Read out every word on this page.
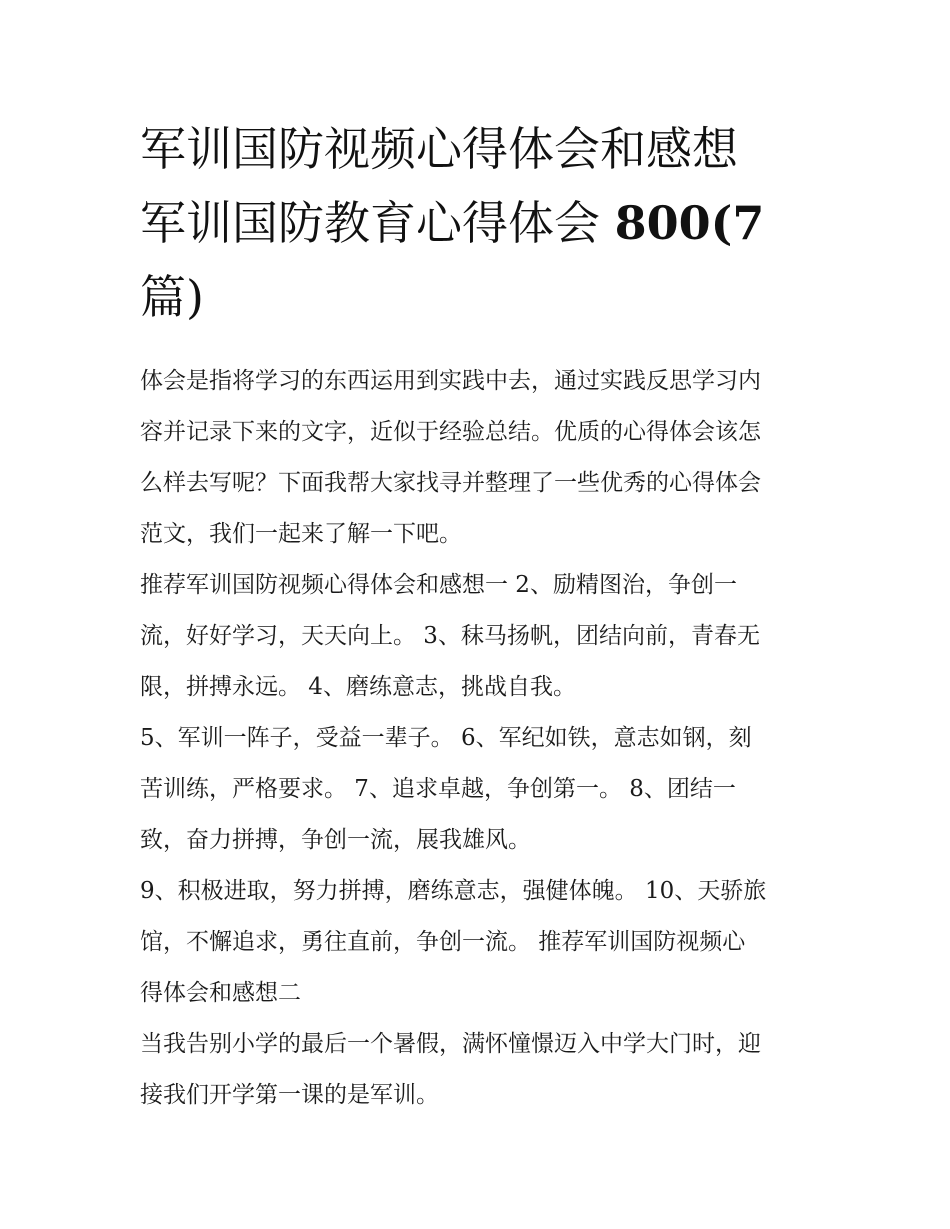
军训国防视频心得体会和感想
军训国防教育心得体会 800(7
篇)

体会是指将学习的东西运用到实践中去，通过实践反思学习内
容并记录下来的文字，近似于经验总结。优质的心得体会该怎
么样去写呢？下面我帮大家找寻并整理了一些优秀的心得体会
范文，我们一起来了解一下吧。

推荐军训国防视频心得体会和感想一 2、励精图治，争创一
流，好好学习，天天向上。 3、秣马扬帆，团结向前，青春无
限，拼搏永远。 4、磨练意志，挑战自我。

5、军训一阵子，受益一辈子。 6、军纪如铁，意志如钢，刻
苦训练，严格要求。 7、追求卓越，争创第一。 8、团结一
致，奋力拼搏，争创一流，展我雄风。

9、积极进取，努力拼搏，磨练意志，强健体魄。 10、天骄旅
馆，不懈追求，勇往直前，争创一流。 推荐军训国防视频心
得体会和感想二

当我告别小学的最后一个暑假，满怀憧憬迈入中学大门时，迎
接我们开学第一课的是军训。
